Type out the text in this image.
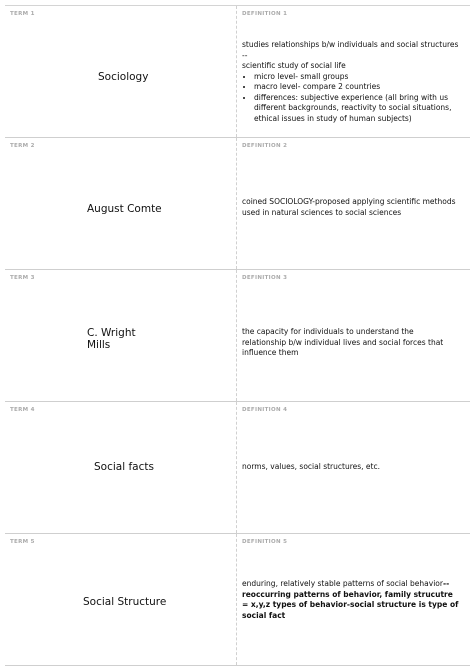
TERM 1
Sociology
DEFINITION 1
studies relationships b/w individuals and social structures --
scientific study of social life
• micro level- small groups
• macro level- compare 2 countries
• differences: subjective experience (all bring with us different backgrounds, reactivity to social situations, ethical issues in study of human subjects)
TERM 2
August Comte
DEFINITION 2
coined SOCIOLOGY-proposed applying scientific methods used in natural sciences to social sciences
TERM 3
C. Wright
Mills
DEFINITION 3
the capacity for individuals to understand the relationship b/w individual lives and social forces that influence them
TERM 4
Social facts
DEFINITION 4
norms, values, social structures, etc.
TERM 5
Social Structure
DEFINITION 5
enduring, relatively stable patterns of social behavior--reoccurring patterns of behavior, family strucutre = x,y,z types of behavior-social structure is type of social fact
